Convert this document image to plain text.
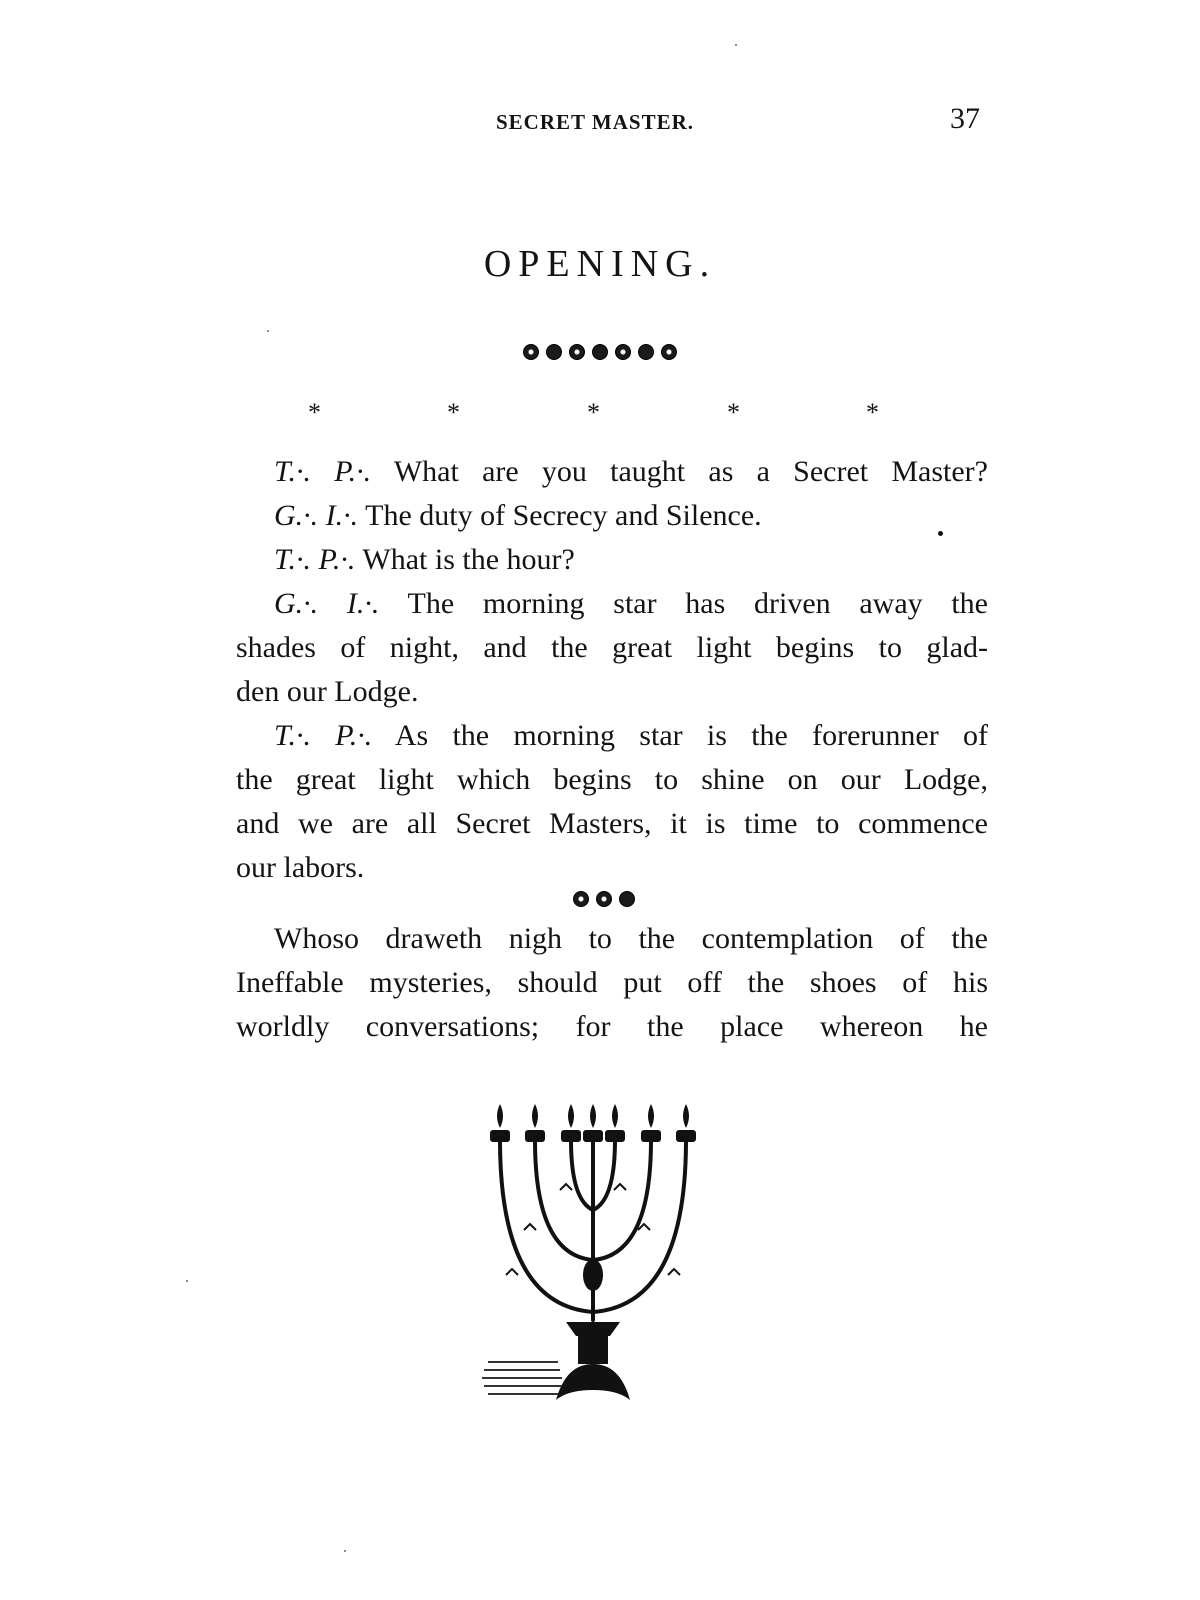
SECRET MASTER.	37
OPENING.
*	*	*	*	*
T.·. P.·. What are you taught as a Secret Master?
G.·. I.·. The duty of Secrecy and Silence.
T.·. P.·. What is the hour?
G.·. I.·. The morning star has driven away the
shades of night, and the great light begins to glad-
den our Lodge.
T.·. P.·. As the morning star is the forerunner of
the great light which begins to shine on our Lodge,
and we are all Secret Masters, it is time to commence
our labors.
Whoso draweth nigh to the contemplation of the
Ineffable mysteries, should put off the shoes of his
worldly conversations; for the place whereon he
